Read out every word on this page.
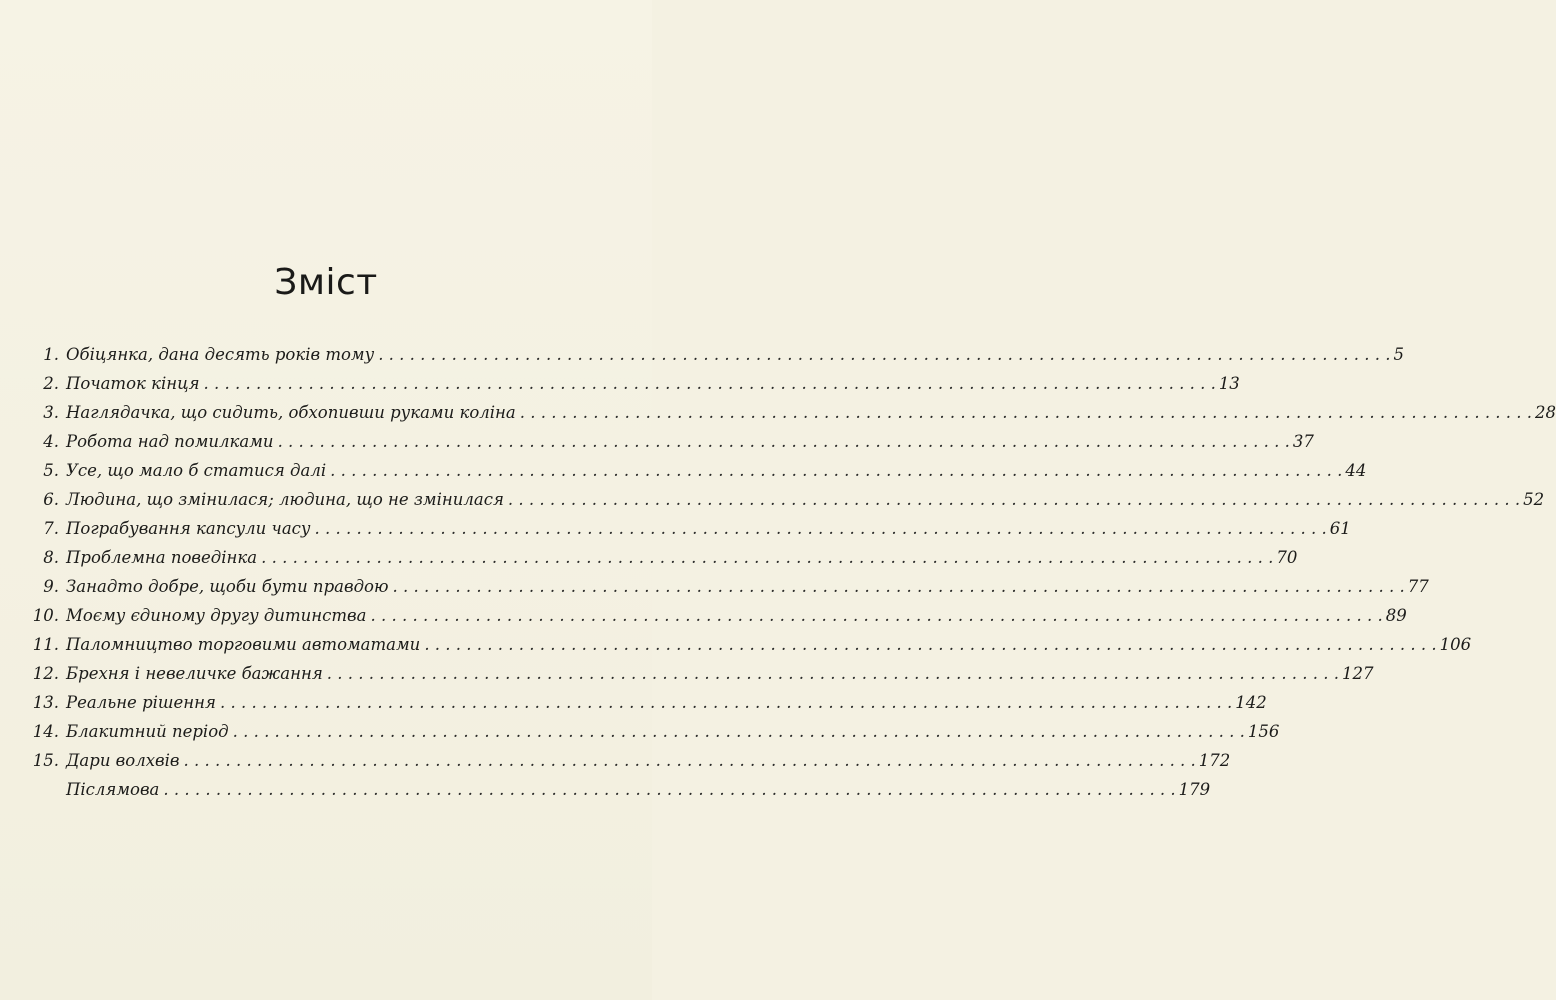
Зміст
1. Обіцянка, дана десять років тому . . .	5
2. Початок кінця . . .	13
3. Наглядачка, що сидить, обхопивши руками коліна . . .	28
4. Робота над помилками . . .	37
5. Усе, що мало б статися далі . . .	44
6. Людина, що змінилася; людина, що не змінилася . . .	52
7. Пограбування капсули часу . . .	61
8. Проблемна поведінка . . .	70
9. Занадто добре, щоби бути правдою . . .	77
10. Моєму єдиному другу дитинства . . .	89
11. Паломництво торговими автоматами . . .	106
12. Брехня і невеличке бажання . . .	127
13. Реальне рішення . . .	142
14. Блакитний період . . .	156
15. Дари волхвів . . .	172
Післямова . . .	179
